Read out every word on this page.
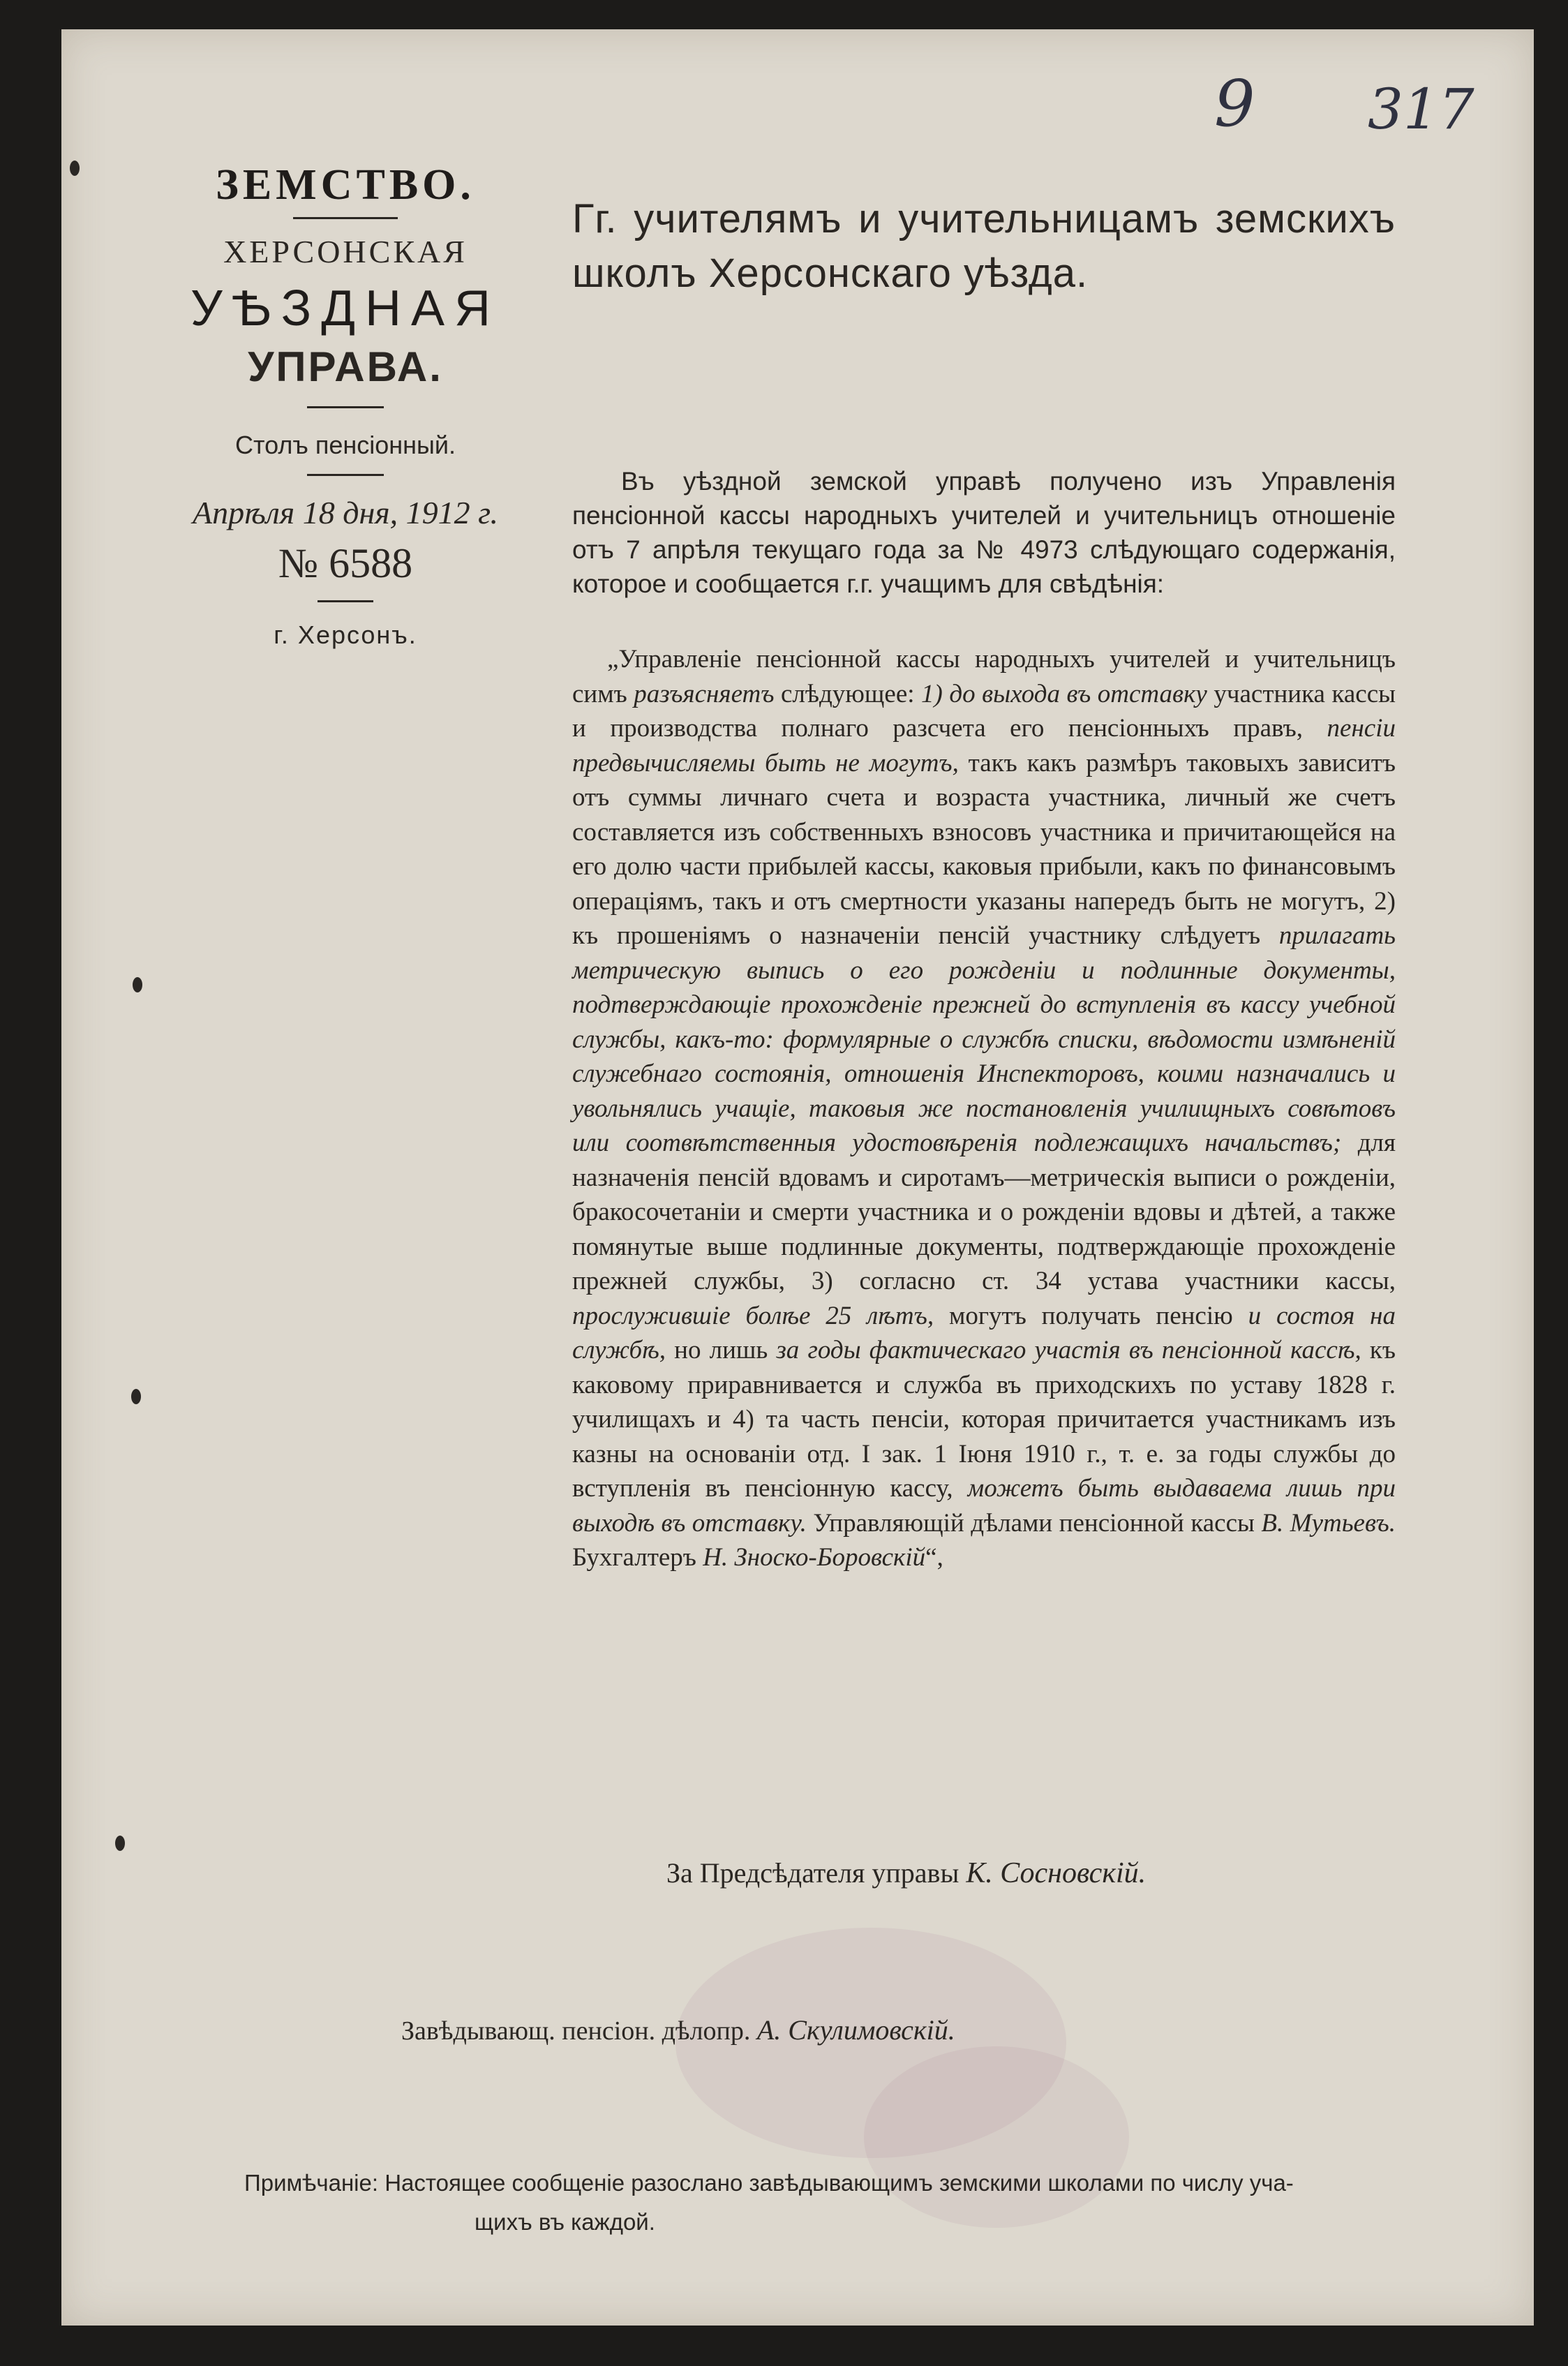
9 317
ЗЕМСТВО.
ХЕРСОНСКАЯ
УѢЗДНАЯ
УПРАВА.
Столъ пенсiонный.
Апрѣля 18 дня, 1912 г.
№ 6588
г. Херсонъ.
Гг. учителямъ и учительницамъ земскихъ школъ Херсонскаго уѣзда.

Въ уѣздной земской управѣ получено изъ Управленiя пенсiонной кассы народныхъ учителей и учительницъ отношенiе отъ 7 апрѣля текущаго года за № 4973 слѣдующаго содержанiя, которое и сообщается г.г. учащимъ для свѣдѣнiя:

„Управленiе пенсiонной кассы народныхъ учителей и учительницъ симъ разъясняетъ слѣдующее: 1) до выхода въ отставку участника кассы и производства полнаго разсчета его пенсiонныхъ правъ, пенсiи предвычисляемы быть не могутъ, такъ какъ размѣръ таковыхъ зависитъ отъ суммы личнаго счета и возраста участника, личный же счетъ составляется изъ собственныхъ взносовъ участника и причитающейся на его долю части прибылей кассы, каковыя прибыли, какъ по финансовымъ операцiямъ, такъ и отъ смертности указаны напередъ быть не могутъ, 2) къ прошенiямъ о назначенiи пенсiй участнику слѣдуетъ прилагать метрическую выпись о его рожденiи и подлинные документы, подтверждающiе прохожденiе прежней до вступленiя въ кассу учебной службы, какъ-то: формулярные о службѣ списки, вѣдомости измѣненiй служебнаго состоянiя, отношенiя Инспекторовъ, коими назначались и увольнялись учащiе, таковыя же постановленiя училищныхъ совѣтовъ или соотвѣтственныя удостовѣренiя подлежащихъ начальствъ; для назначенiя пенсiй вдовамъ и сиротамъ—метрическiя выписи о рожденiи, бракосочетанiи и смерти участника и о рожденiи вдовы и дѣтей, а также помянутые выше подлинные документы, подтверждающiе прохожденiе прежней службы, 3) согласно ст. 34 устава участники кассы, прослужившiе болѣе 25 лѣтъ, могутъ получать пенсiю и состоя на службѣ, но лишь за годы фактическаго участiя въ пенсiонной кассѣ, къ каковому приравнивается и служба въ приходскихъ по уставу 1828 г. училищахъ и 4) та часть пенсiи, которая причитается участникамъ изъ казны на основанiи отд. I зак. 1 Iюня 1910 г., т. е. за годы службы до вступленiя въ пенсiонную кассу, можетъ быть выдаваема лишь при выходѣ въ отставку. Управляющiй дѣлами пенсiонной кассы В. Мутьевъ. Бухгалтеръ Н. Зноско-Боровскiй“,

За Предсѣдателя управы К. Сосновскiй.
Завѣдывающ. пенсiон. дѣлопр. А. Скулимовскiй.
Примѣчанiе: Настоящее сообщенiе разослано завѣдывающимъ земскими школами по числу уча-
щихъ въ каждой.
